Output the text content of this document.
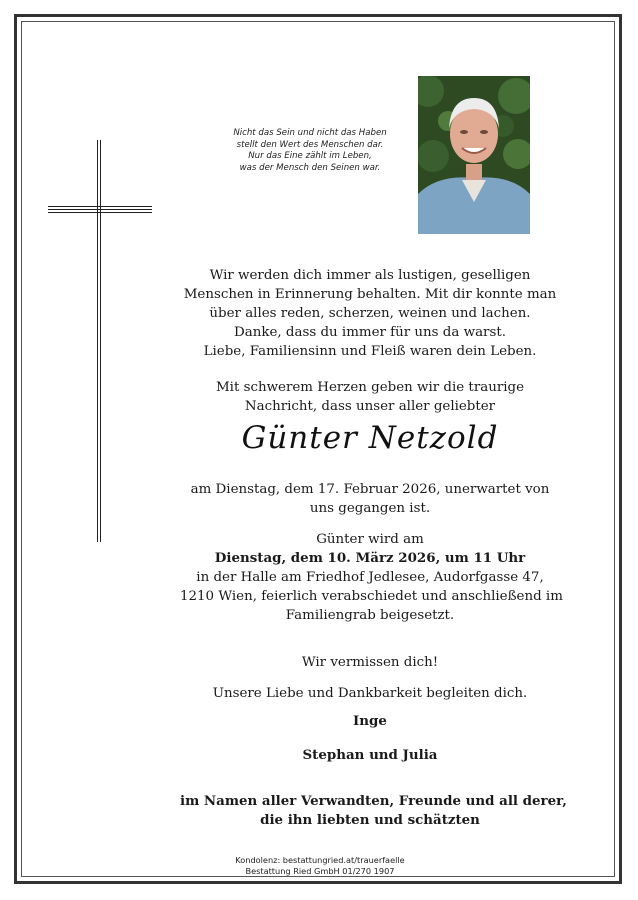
Nicht das Sein und nicht das Haben
stellt den Wert des Menschen dar.
Nur das Eine zählt im Leben,
was der Mensch den Seinen war.
Wir werden dich immer als lustigen, geselligen
Menschen in Erinnerung behalten. Mit dir konnte man
über alles reden, scherzen, weinen und lachen.
Danke, dass du immer für uns da warst.
Liebe, Familiensinn und Fleiß waren dein Leben.
Mit schwerem Herzen geben wir die traurige
Nachricht, dass unser aller geliebter
Günter Netzold
am Dienstag, dem 17. Februar 2026, unerwartet von
uns gegangen ist.
Günter wird am
Dienstag, dem 10. März 2026, um 11 Uhr
in der Halle am Friedhof Jedlesee, Audorfgasse 47,
1210 Wien, feierlich verabschiedet und anschließend im
Familiengrab beigesetzt.
Wir vermissen dich!
Unsere Liebe und Dankbarkeit begleiten dich.
Inge
Stephan und Julia
im Namen aller Verwandten, Freunde und all derer,
die ihn liebten und schätzten
Kondolenz: bestattungried.at/trauerfaelle
Bestattung Ried GmbH 01/270 1907
